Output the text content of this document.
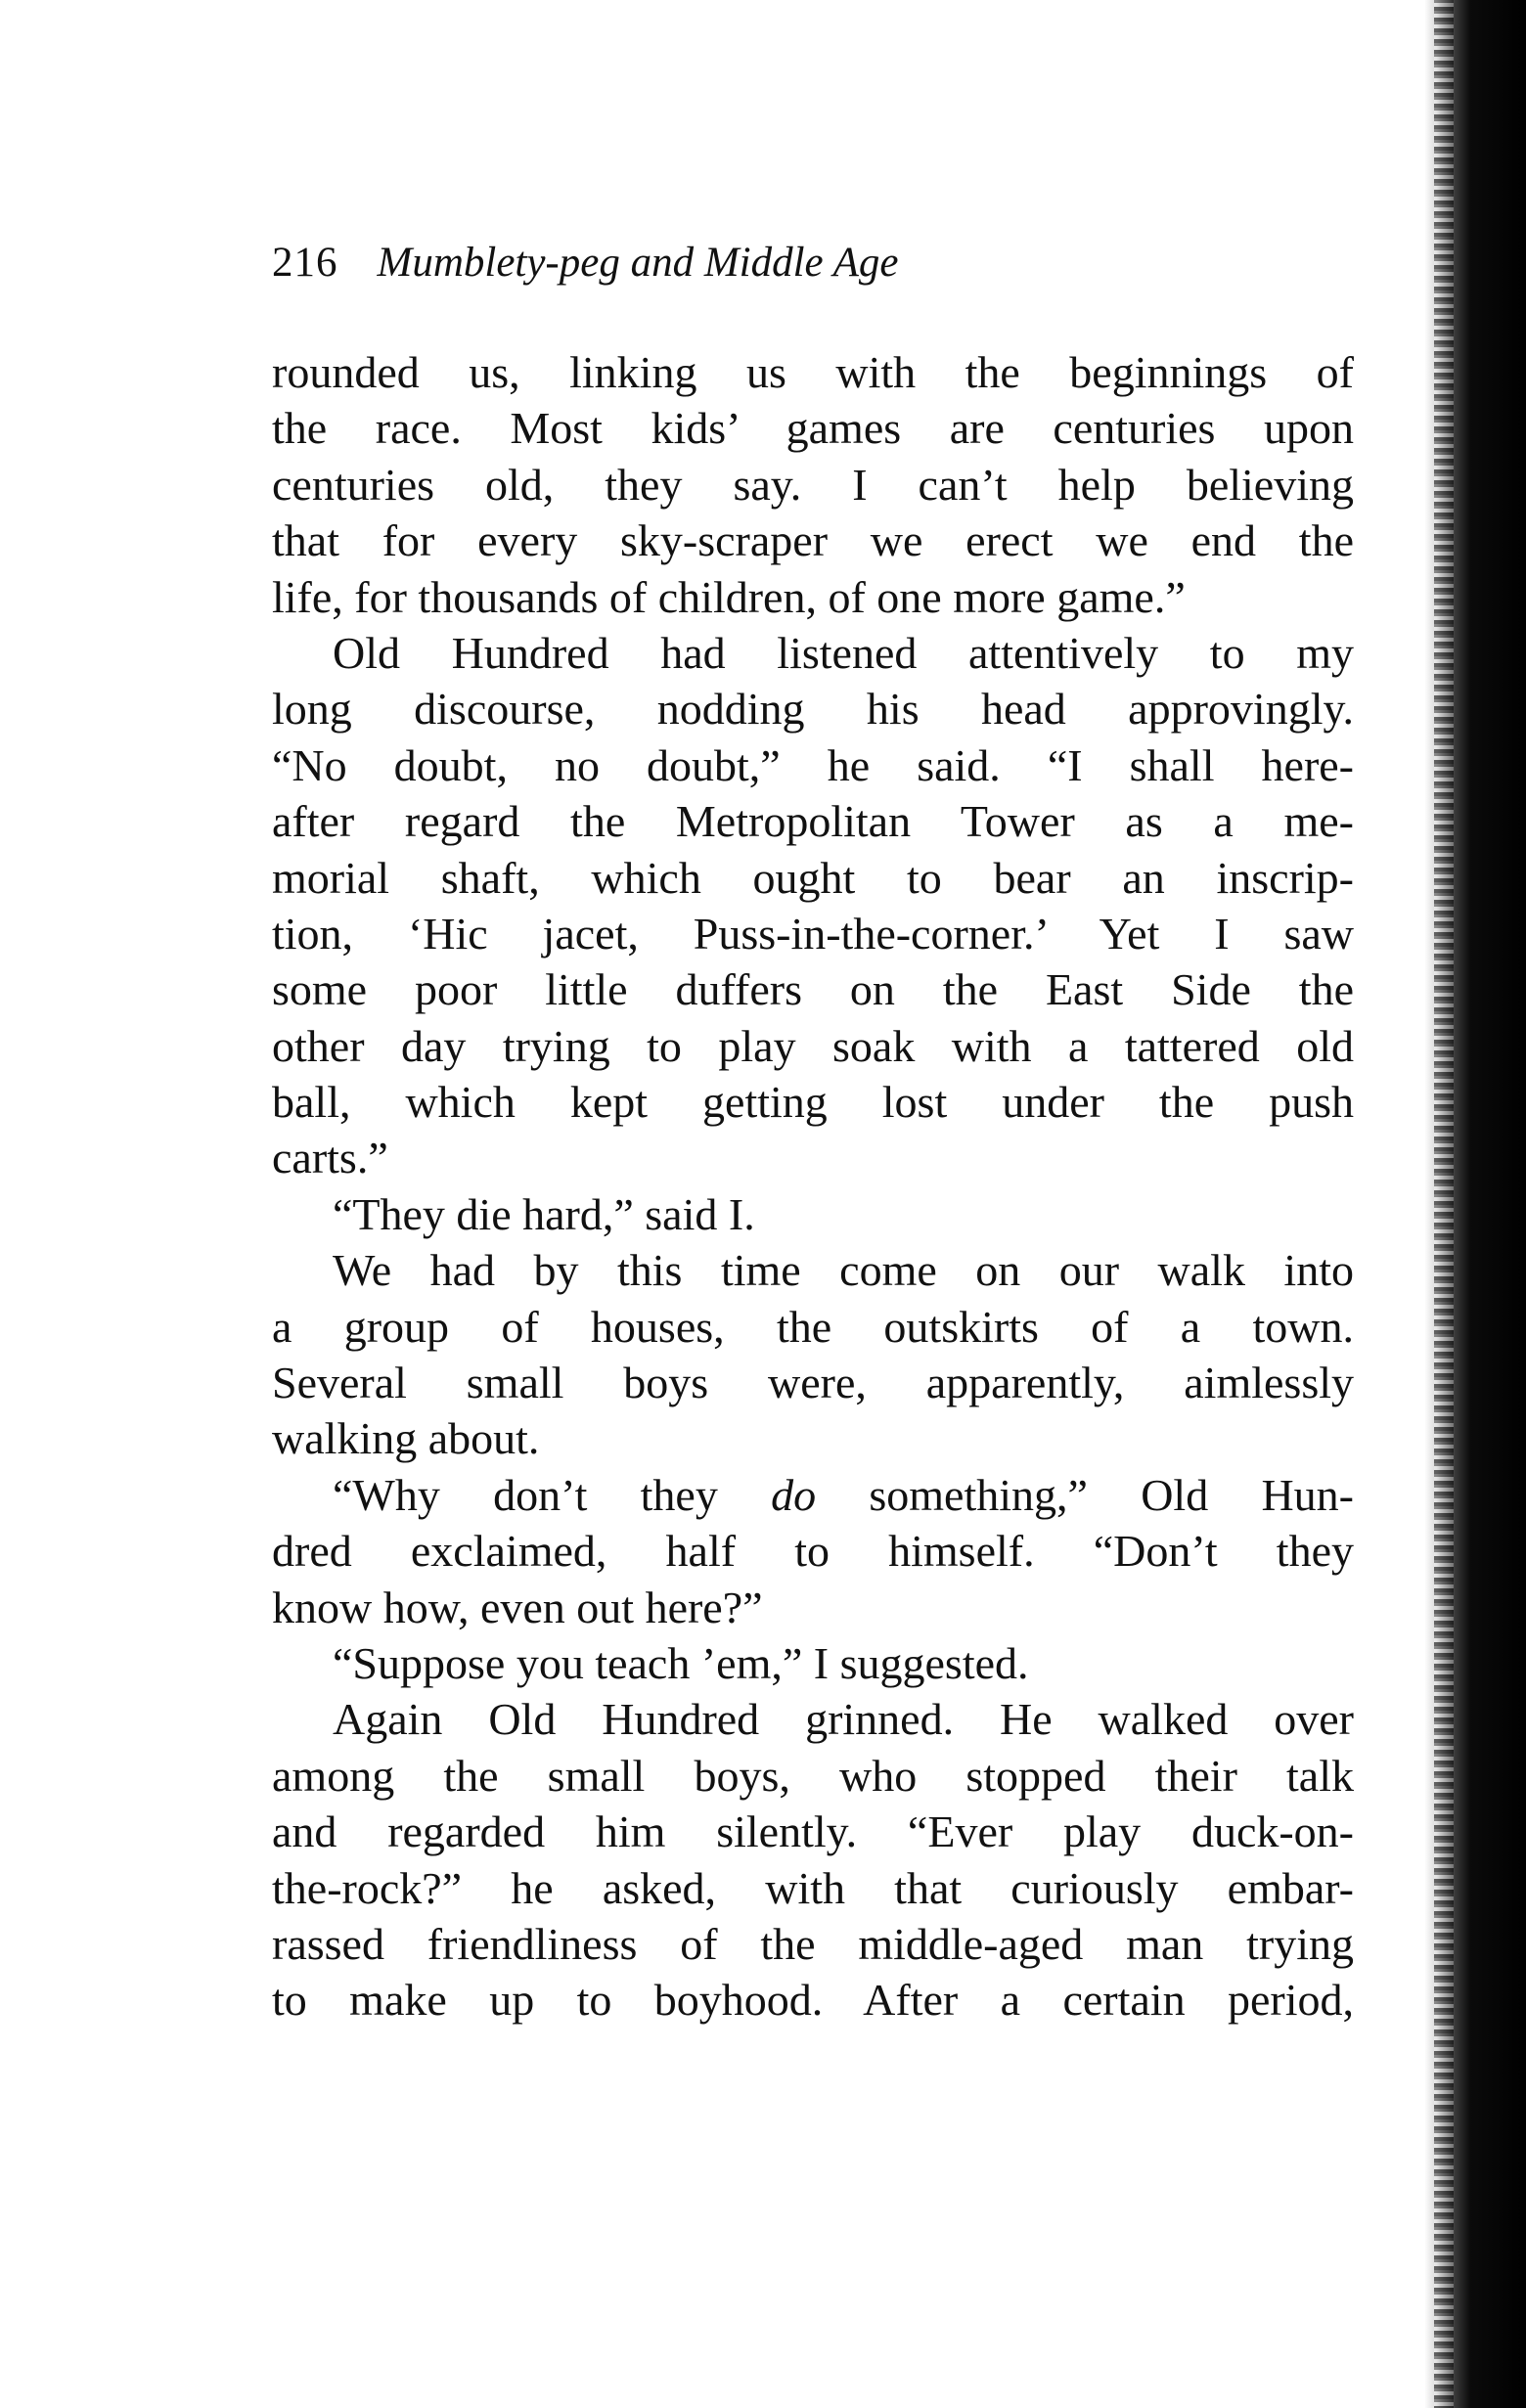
216 Mumblety-peg and Middle Age
rounded us, linking us with the beginnings of
the race. Most kids’ games are centuries upon
centuries old, they say. I can’t help believing
that for every sky-scraper we erect we end the
life, for thousands of children, of one more game.”
Old Hundred had listened attentively to my
long discourse, nodding his head approvingly.
“No doubt, no doubt,” he said. “I shall here-
after regard the Metropolitan Tower as a me-
morial shaft, which ought to bear an inscrip-
tion, ‘Hic jacet, Puss-in-the-corner.’ Yet I saw
some poor little duffers on the East Side the
other day trying to play soak with a tattered old
ball, which kept getting lost under the push
carts.”
“They die hard,” said I.
We had by this time come on our walk into
a group of houses, the outskirts of a town.
Several small boys were, apparently, aimlessly
walking about.
“Why don’t they do something,” Old Hun-
dred exclaimed, half to himself. “Don’t they
know how, even out here?”
“Suppose you teach ’em,” I suggested.
Again Old Hundred grinned. He walked over
among the small boys, who stopped their talk
and regarded him silently. “Ever play duck-on-
the-rock?” he asked, with that curiously embar-
rassed friendliness of the middle-aged man trying
to make up to boyhood. After a certain period,
